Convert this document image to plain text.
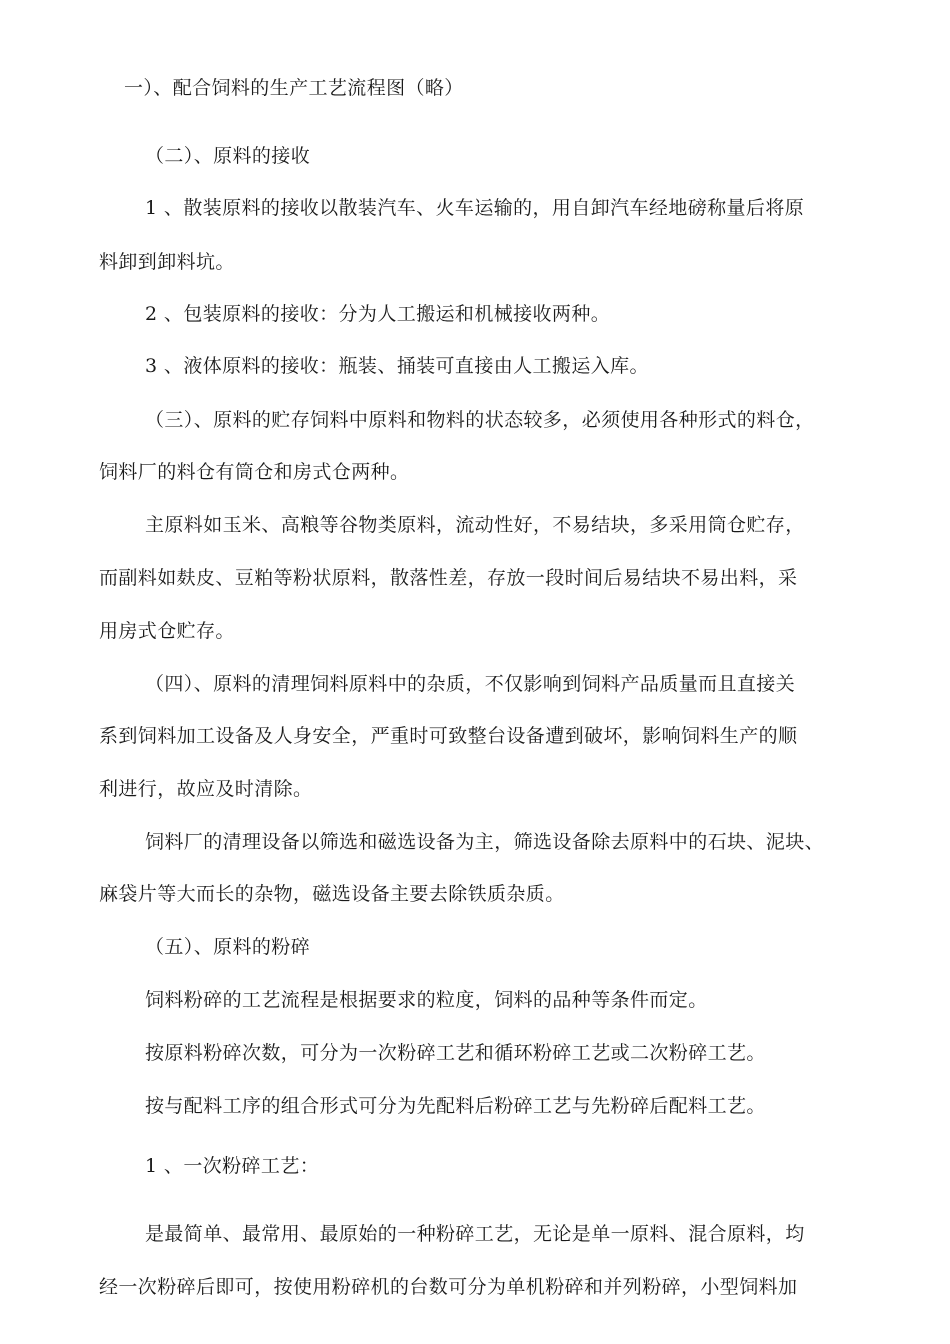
一）、配合饲料的生产工艺流程图（略）
（二）、原料的接收
1 、散装原料的接收以散装汽车、火车运输的，用自卸汽车经地磅称量后将原
料卸到卸料坑。
2 、包装原料的接收：分为人工搬运和机械接收两种。
3 、液体原料的接收：瓶装、捅装可直接由人工搬运入库。
（三）、原料的贮存饲料中原料和物料的状态较多，必须使用各种形式的料仓，
饲料厂的料仓有筒仓和房式仓两种。
主原料如玉米、高粮等谷物类原料，流动性好，不易结块，多采用筒仓贮存，
而副料如麸皮、豆粕等粉状原料，散落性差，存放一段时间后易结块不易出料，采
用房式仓贮存。
（四）、原料的清理饲料原料中的杂质，不仅影响到饲料产品质量而且直接关
系到饲料加工设备及人身安全，严重时可致整台设备遭到破坏，影响饲料生产的顺
利进行，故应及时清除。
饲料厂的清理设备以筛选和磁选设备为主，筛选设备除去原料中的石块、泥块、
麻袋片等大而长的杂物，磁选设备主要去除铁质杂质。
（五）、原料的粉碎
饲料粉碎的工艺流程是根据要求的粒度，饲料的品种等条件而定。
按原料粉碎次数，可分为一次粉碎工艺和循环粉碎工艺或二次粉碎工艺。
按与配料工序的组合形式可分为先配料后粉碎工艺与先粉碎后配料工艺。
1 、一次粉碎工艺：
是最简单、最常用、最原始的一种粉碎工艺，无论是单一原料、混合原料，均
经一次粉碎后即可，按使用粉碎机的台数可分为单机粉碎和并列粉碎，小型饲料加
